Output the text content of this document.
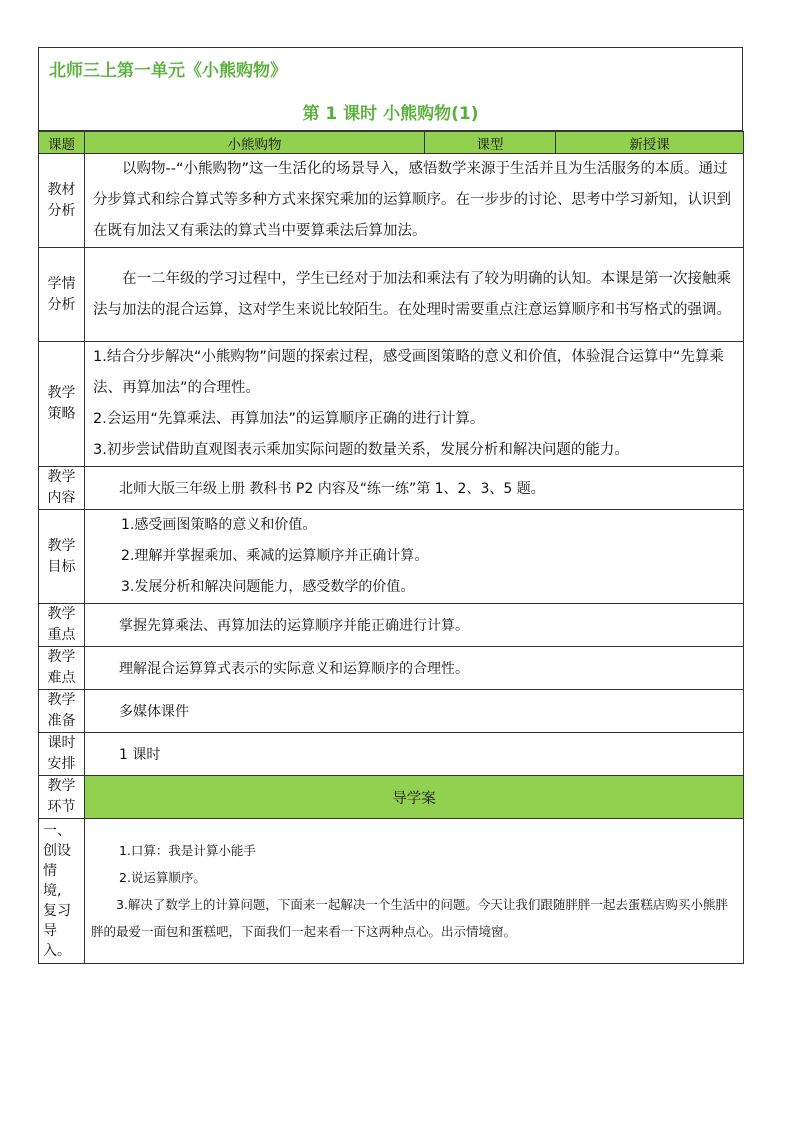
北师三上第一单元《小熊购物》
第 1 课时 小熊购物(1)
课题	小熊购物	课型	新授课
教材分析	以购物--“小熊购物”这一生活化的场景导入，感悟数学来源于生活并且为生活服务的本质。通过分步算式和综合算式等多种方式来探究乘加的运算顺序。在一步步的讨论、思考中学习新知，认识到在既有加法又有乘法的算式当中要算乘法后算加法。		

学情分析	在一二年级的学习过程中，学生已经对于加法和乘法有了较为明确的认知。本课是第一次接触乘法与加法的混合运算，这对学生来说比较陌生。在处理时需要重点注意运算顺序和书写格式的强调。		

教学策略	1.结合分步解决“小熊购物”问题的探索过程，感受画图策略的意义和价值，体验混合运算中“先算乘法、再算加法”的合理性。

2.会运用“先算乘法、再算加法”的运算顺序正确的进行计算。

3.初步尝试借助直观图表示乘加实际问题的数量关系，发展分析和解决问题的能力。		

教学内容	北师大版三年级上册 教科书 P2 内容及“练一练”第 1、2、3、5 题。		
教学目标	1.感受画图策略的意义和价值。

2.理解并掌握乘加、乘减的运算顺序并正确计算。

3.发展分析和解决问题能力，感受数学的价值。		

教学重点	掌握先算乘法、再算加法的运算顺序并能正确进行计算。		
教学难点	理解混合运算算式表示的实际意义和运算顺序的合理性。		
教学准备	多媒体课件		
课时安排	1 课时		
教学环节	导学案		
一、创设情境,复习导入。	1.口算：我是计算小能手

2.说运算顺序。

3.解决了数学上的计算问题，下面来一起解决一个生活中的问题。今天让我们跟随胖胖一起去蛋糕店购买小熊胖胖的最爱一面包和蛋糕吧，下面我们一起来看一下这两种点心。出示情境窗。		
